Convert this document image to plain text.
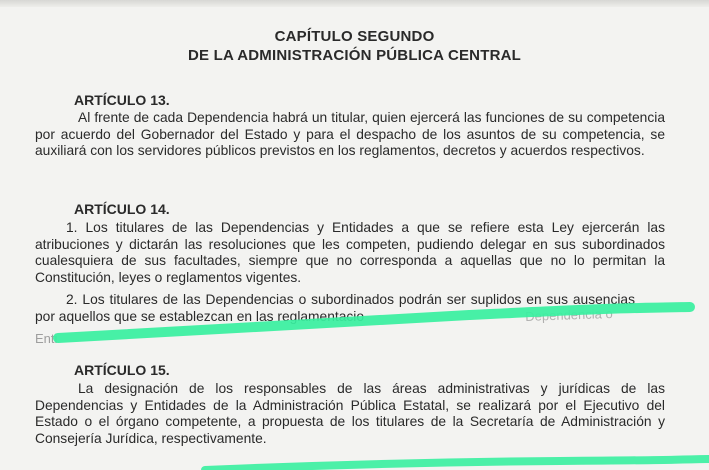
CAPÍTULO SEGUNDO
DE LA ADMINISTRACIÓN PÚBLICA CENTRAL
ARTÍCULO 13.
Al frente de cada Dependencia habrá un titular, quien ejercerá las funciones de su competencia por acuerdo del Gobernador del Estado y para el despacho de los asuntos de su competencia, se auxiliará con los servidores públicos previstos en los reglamentos, decretos y acuerdos respectivos.
ARTÍCULO 14.
1. Los titulares de las Dependencias y Entidades a que se refiere esta Ley ejercerán las atribuciones y dictarán las resoluciones que les competen, pudiendo delegar en sus subordinados cualesquiera de sus facultades, siempre que no corresponda a aquellas que no lo permitan la Constitución, leyes o reglamentos vigentes.
2. Los titulares de las Dependencias o subordinados podrán ser suplidos en sus ausencias por aquellos que se establezcan en las reglamentacio	Dependencia o
Enti
ARTÍCULO 15.
La designación de los responsables de las áreas administrativas y jurídicas de las Dependencias y Entidades de la Administración Pública Estatal, se realizará por el Ejecutivo del Estado o el órgano competente, a propuesta de los titulares de la Secretaría de Administración y Consejería Jurídica, respectivamente.
